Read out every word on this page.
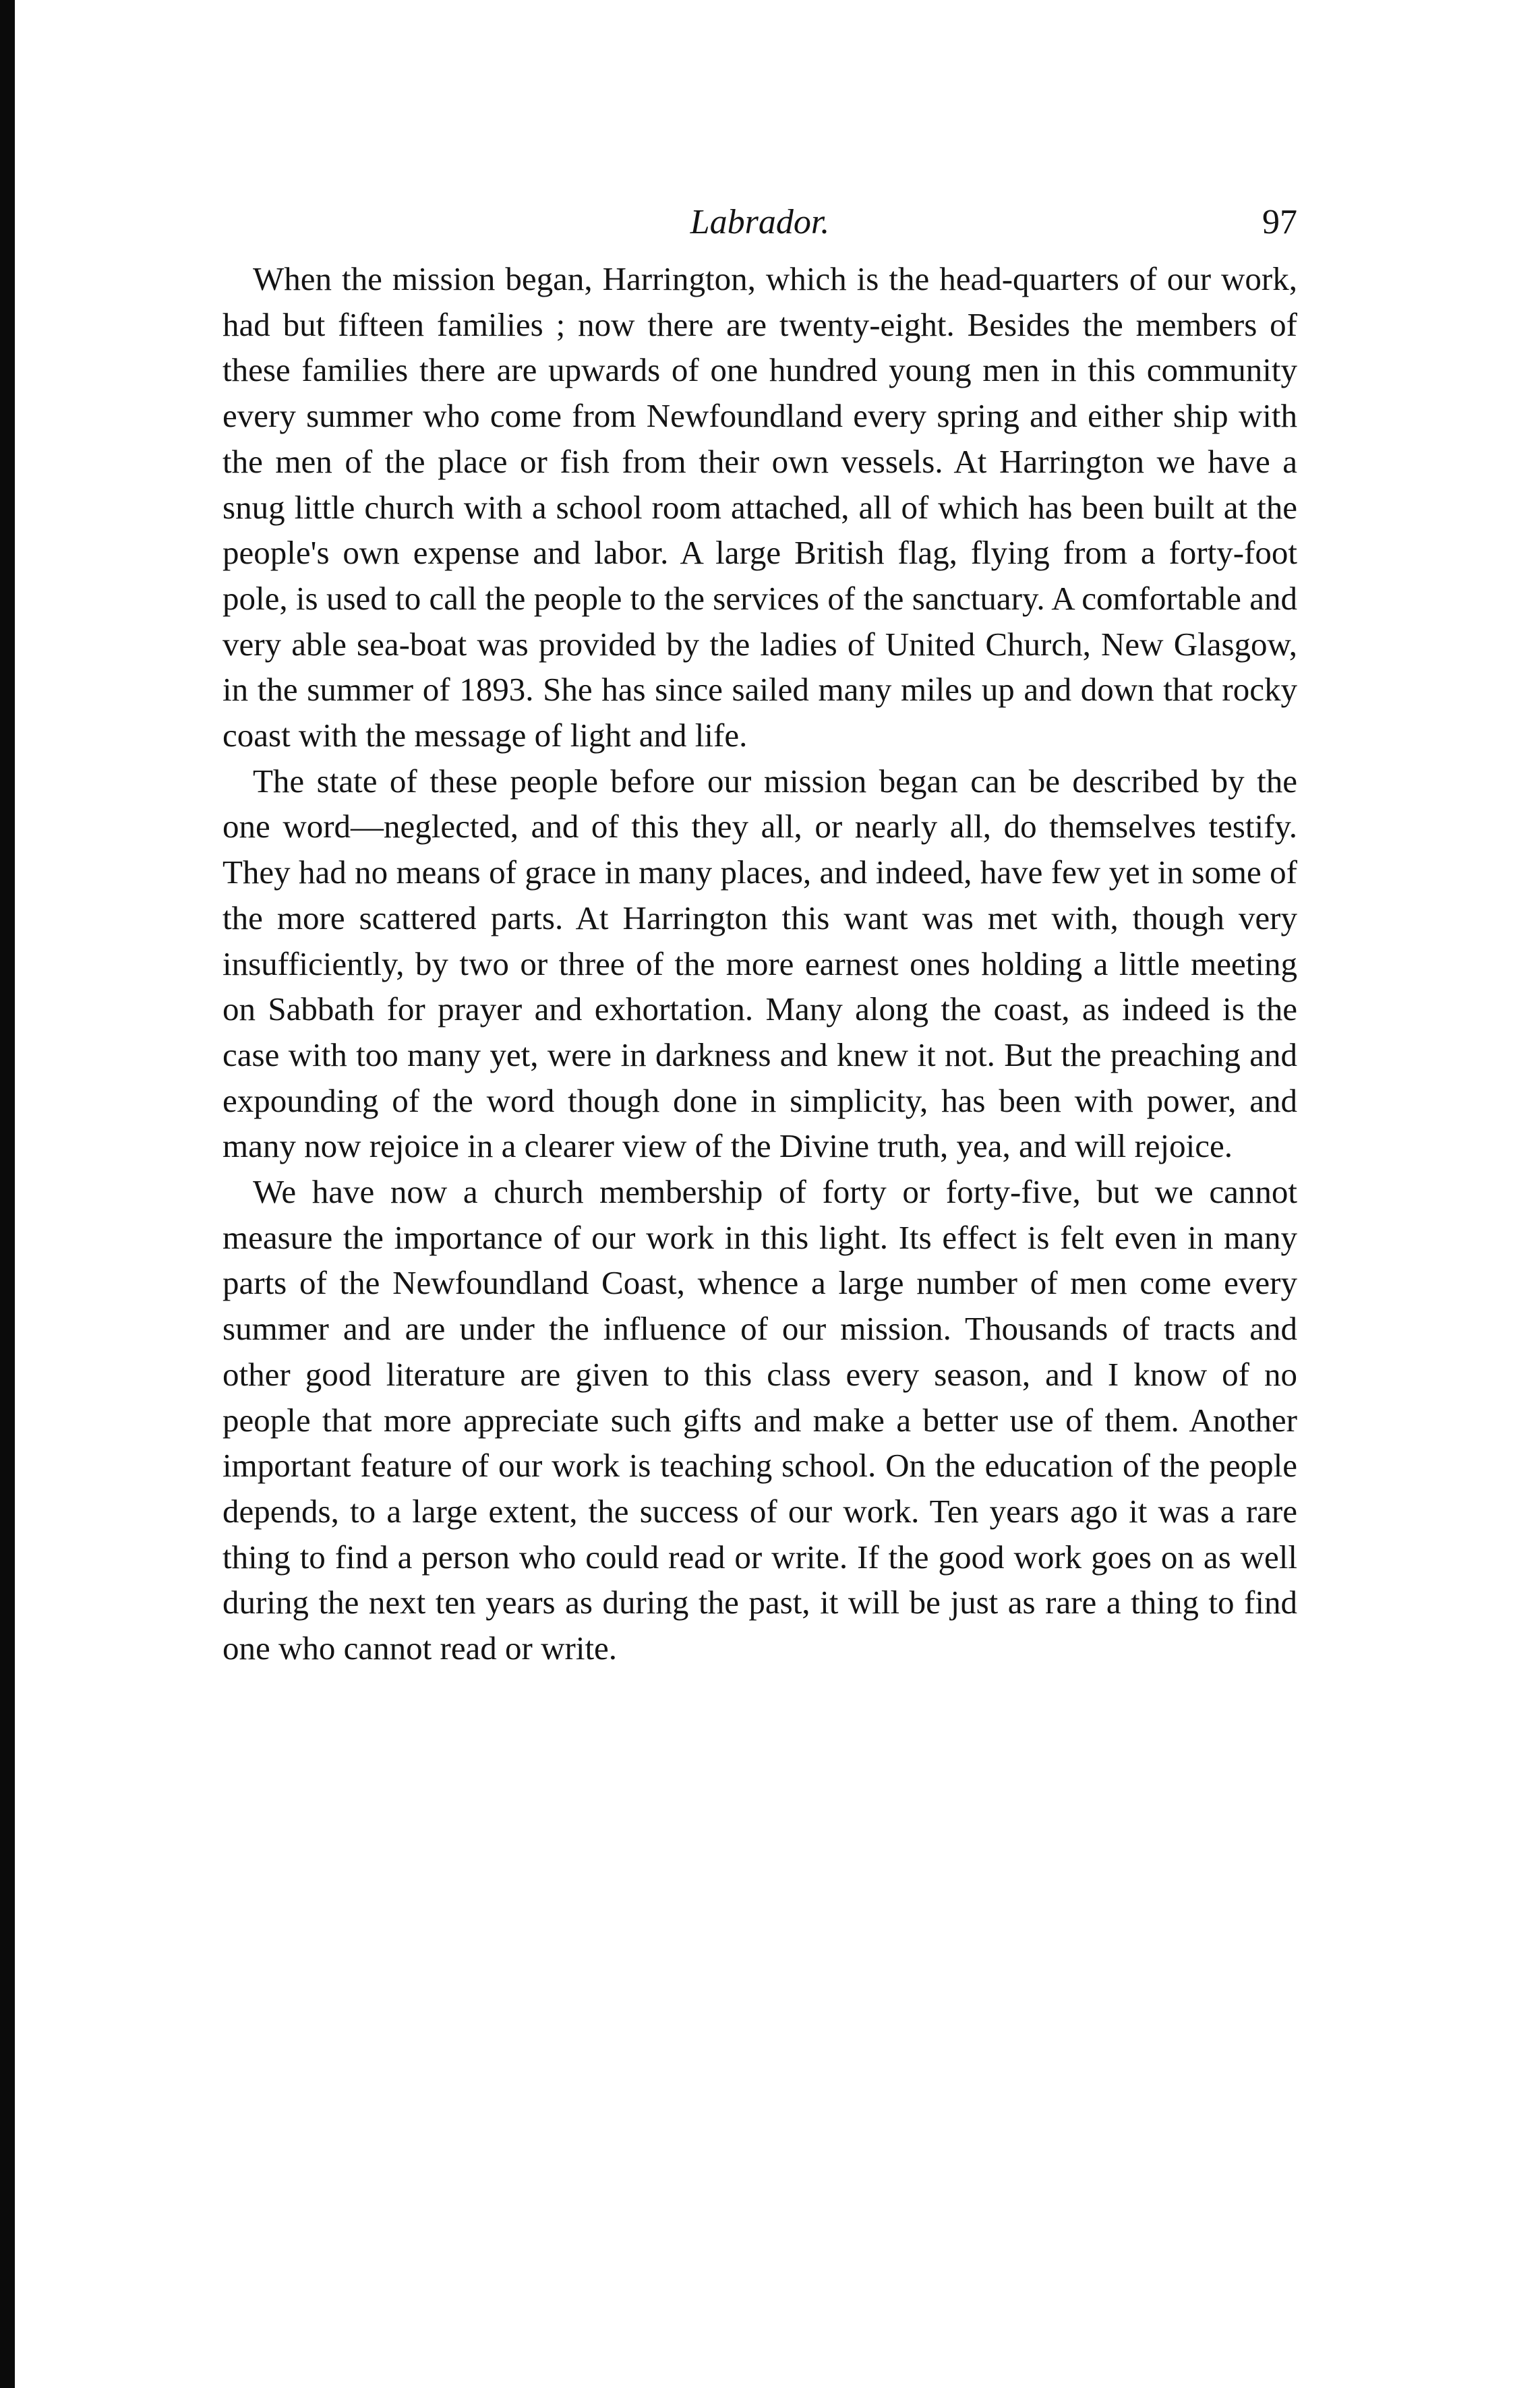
Labrador.	97

When the mission began, Harrington, which is the head-quarters of our work, had but fifteen families ; now there are twenty-eight. Besides the members of these families there are upwards of one hundred young men in this community every summer who come from Newfoundland every spring and either ship with the men of the place or fish from their own vessels. At Harrington we have a snug little church with a school room attached, all of which has been built at the people's own expense and labor. A large British flag, flying from a forty-foot pole, is used to call the people to the services of the sanctuary. A comfortable and very able sea-boat was provided by the ladies of United Church, New Glasgow, in the summer of 1893. She has since sailed many miles up and down that rocky coast with the message of light and life.

The state of these people before our mission began can be described by the one word—neglected, and of this they all, or nearly all, do themselves testify. They had no means of grace in many places, and indeed, have few yet in some of the more scattered parts. At Harrington this want was met with, though very insufficiently, by two or three of the more earnest ones holding a little meeting on Sabbath for prayer and exhortation. Many along the coast, as indeed is the case with too many yet, were in darkness and knew it not. But the preaching and expounding of the word though done in simplicity, has been with power, and many now rejoice in a clearer view of the Divine truth, yea, and will rejoice.

We have now a church membership of forty or forty-five, but we cannot measure the importance of our work in this light. Its effect is felt even in many parts of the Newfoundland Coast, whence a large number of men come every summer and are under the influence of our mission. Thousands of tracts and other good literature are given to this class every season, and I know of no people that more appreciate such gifts and make a better use of them. Another important feature of our work is teaching school. On the education of the people depends, to a large extent, the success of our work. Ten years ago it was a rare thing to find a person who could read or write. If the good work goes on as well during the next ten years as during the past, it will be just as rare a thing to find one who cannot read or write.
